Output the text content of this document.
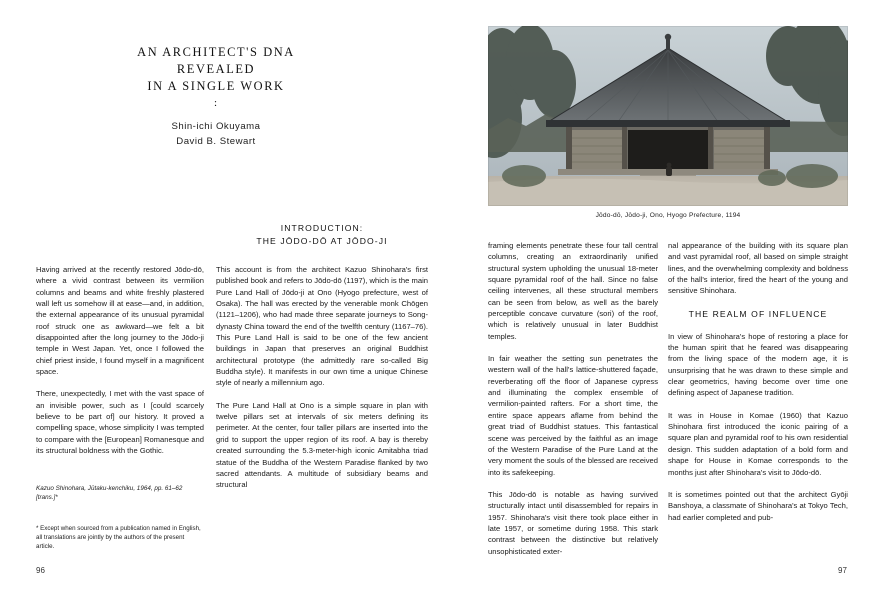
AN ARCHITECT'S DNA
REVEALED
IN A SINGLE WORK
:
Shin-ichi Okuyama
David B. Stewart
INTRODUCTION:
THE JŌDO-DŌ AT JŌDO-JI

Having arrived at the recently restored Jōdo-dō, where a vivid contrast between its vermilion columns and beams and white freshly plastered wall left us somehow ill at ease—and, in addition, the external appearance of its unusual pyramidal roof struck one as awkward—we felt a bit disappointed after the long journey to the Jōdo-ji temple in West Japan. Yet, once I followed the chief priest inside, I found myself in a magnificent space.

There, unexpectedly, I met with the vast space of an invisible power, such as I [could scarcely believe to be part of] our history. It proved a compelling space, whose simplicity I was tempted to compare with the [European] Romanesque and its structural boldness with the Gothic.

Kazuo Shinohara, Jūtaku-kenchiku, 1964, pp. 61–62 [trans.]*
* Except when sourced from a publication named in English, all translations are jointly by the authors of the present article.

This account is from the architect Kazuo Shinohara's first published book and refers to Jōdo-dō (1197), which is the main Pure Land Hall of Jōdo-ji at Ono (Hyogo prefecture, west of Osaka). The hall was erected by the venerable monk Chōgen (1121–1206), who had made three separate journeys to Song-dynasty China toward the end of the twelfth century (1167–76). This Pure Land Hall is said to be one of the few ancient buildings in Japan that preserves an original Buddhist architectural prototype (the admittedly rare so-called Big Buddha style). It manifests in our own time a unique Chinese style of nearly a millennium ago.

The Pure Land Hall at Ono is a simple square in plan with twelve pillars set at intervals of six meters defining its perimeter. At the center, four taller pillars are inserted into the grid to support the upper region of its roof. A bay is thereby created surrounding the 5.3-meter-high iconic Amitabha triad statue of the Buddha of the Western Paradise flanked by two sacred attendants. A multitude of subsidiary beams and structural

96
Jōdo-dō, Jōdo-ji, Ono, Hyogo Prefecture, 1194

framing elements penetrate these four tall central columns, creating an extraordinarily unified structural system upholding the unusual 18-meter square pyramidal roof of the hall. Since no false ceiling intervenes, all these structural members can be seen from below, as well as the barely perceptible concave curvature (sori) of the roof, which is relatively unusual in later Buddhist temples.

In fair weather the setting sun penetrates the western wall of the hall's lattice-shuttered façade, reverberating off the floor of Japanese cypress and illuminating the complex ensemble of vermilion-painted rafters. For a short time, the entire space appears aflame from behind the great triad of Buddhist statues. This fantastical scene was perceived by the faithful as an image of the Western Paradise of the Pure Land at the very moment the souls of the blessed are received into its safekeeping.

This Jōdo-dō is notable as having survived structurally intact until disassembled for repairs in 1957. Shinohara's visit there took place either in late 1957, or sometime during 1958. This stark contrast between the distinctive but relatively unsophisticated exter-

nal appearance of the building with its square plan and vast pyramidal roof, all based on simple straight lines, and the overwhelming complexity and boldness of the hall's interior, fired the heart of the young and sensitive Shinohara.

THE REALM OF INFLUENCE

In view of Shinohara's hope of restoring a place for the human spirit that he feared was disappearing from the living space of the modern age, it is unsurprising that he was drawn to these simple and clear geometrics, having become over time one defining aspect of Japanese tradition.

It was in House in Komae (1960) that Kazuo Shinohara first introduced the iconic pairing of a square plan and pyramidal roof to his own residential design. This sudden adaptation of a bold form and shape for House in Komae corresponds to the months just after Shinohara's visit to Jōdo-dō.

It is sometimes pointed out that the architect Gyōji Banshoya, a classmate of Shinohara's at Tokyo Tech, had earlier completed and pub-

97
